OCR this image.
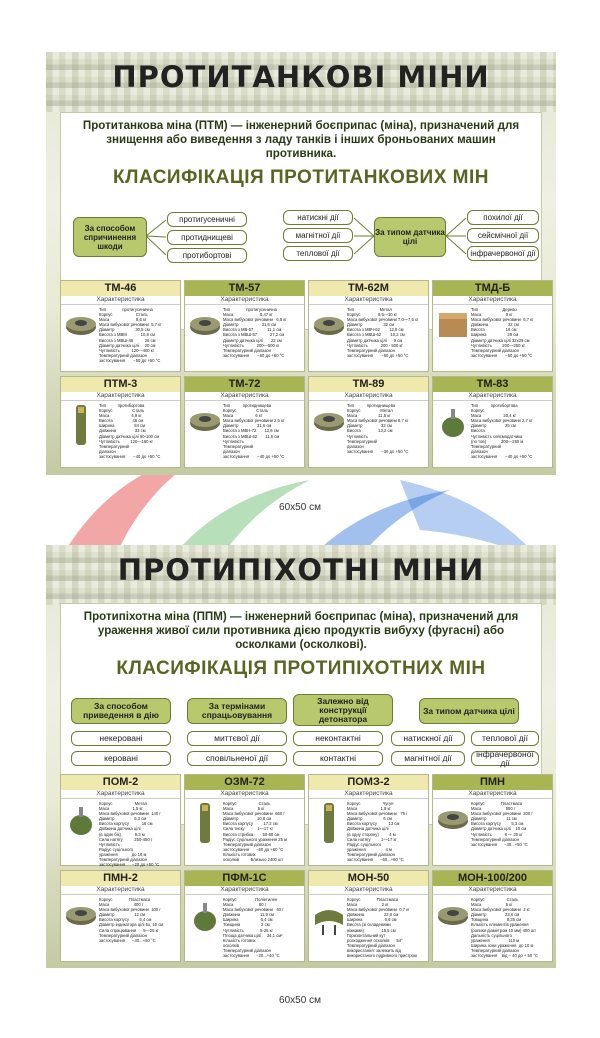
ПРОТИТАНКОВІ МІНИ
Протитанкова міна (ПТМ) — інженерний боєприпас (міна), призначений для знищення або виведення з ладу танків і інших броньованих машин противника.
КЛАСИФІКАЦІЯ ПРОТИТАНКОВИХ МІН
За способом спричинення шкоди
протигусеничні
протиднищеві
протибортові
натискні дії
магнітної дії
теплової дії
За типом датчика цілі
похилої дії
сейсмічної дії
інфрачервоної дії
ТМ-46
Характеристика
Тип              протигусеничнa
Корпус                    Сталь
Маса                       8,6 кг
Маса вибухової речовини  5,7 кг
Діаметр                  30,5 см
Висота з МВМ            10,8 см
Висота з МВШ-46          26 см
Діаметр датчика цілі     20 см
Чутливість          120—400 кг
Температурний діапазон
застосування       −50 до +50 °С
ТМ-57
Характеристика
Тип              протигусенична
Маса                       8,47 кг
Маса вибухової речовини   6,5 кг
Діаметр                    31,6 см
Висота з МВ-57            11,1 см
Висота з МВШ-57           27,2 см
Діаметр датчика цілі       22 см
Чутливість           200—500 кг
Температурний діапазон
застосування       −60 до +60 °С
ТМ-62М
Характеристика
Тип                      Метал
Корпус               9,5—10 кг
Маса вибухової речовини 7,0—7,5 кг
Діаметр                  32 см
Висота з МВЧ-62        12,8 см
Висота з МВШ-62        10,2 см
Діаметр датчика цілі      9 см
Чутливість           200 - 500 кг
Температурний діапазон
застосування       −50 до +50 °С
ТМД-Б
Характеристика
Тип                     Дерево
Маса                     9 кг
Маса вибухової речовини  6,7 кг
Довжина                 32 см
Висота                  16 см
Ширина                  29 см
Діаметр датчика цілі 32х29 см
Чутливість         200—250 кг
Температурний діапазон
застосування       −50 до +50 °С
ПТМ-3
Характеристика
Тип          протибортова
Корпус                 Сталь
Маса                   4,9 кг
Висота                 46 см
Ширина                 84 см
Довжина                33 см
Діаметр датчика цілі 50-100 см
Чутливість         120—160 кг
Температурний
діапазон
застосування       −40 до +50 °С
ТМ-72
Характеристика
Тип           протиднищева
Корпус                 Сталь
Маса                   6 кг
Маса вибухової речовини 2,5 кг
Діаметр                31,6 см
Висота з МВН-72       12,6 см
Висота з МВШ-62       11,5 см
Чутливість
Температурний
діапазон
застосування       −40 до +50 °С
ТМ-89
Характеристика
Тип           протиднищева
Корпус                 Метал
Маса                  11,5 кг
Маса вибухової речовини 6,7 кг
Діаметр                32 см
Висота               13,2 см
Чутливість
Температурний
діапазон
застосування       −30 до +50 °С
ТМ-83
Характеристика
Тип           протибортова
Корпус
Маса                   20,4 кг
Маса вибухової речовини 2,7 кг
Діаметр                25 см
Висота
Чутливість сейсмодатчика
(по тов)             200—250 м
Температурний
діапазон
застосування       −40 до +50 °С
60х50 см
ПРОТИПІХОТНІ МІНИ
Протипіхотна міна (ППМ) — інженерний боєприпас (міна), призначений для ураження живої сили противника дією продуктів вибуху (фугасні) або осколками (осколкові).
КЛАСИФІКАЦІЯ ПРОТИПІХОТНИХ МІН
За способом приведення в дію
За термінами спрацьовування
Залежно від конструкції детонатора
За типом датчика цілі
некеровані
керовані
миттєвої дії
сповільненої дії
неконтактні
контактні
натискної дії
магнітної дії
теплової дії
інфрачервоної дії
ПОМ-2
Характеристика
Корпус                   Метал
Маса                    1,5 кг
Маса вибухової речовини  140 г
Діаметр                 6,3 см
Висота корпусу           18 см
Довжина датчика цілі
(в один бік)            9,3 м
Сила натягу          250-450 г
Чутливість
Радіус суцільного
ураження            до 16 м
Температурний діапазон
застосування      −20 до +50 °С
ОЗМ-72
Характеристика
Корпус                   Сталь
Маса                     5 кг
Маса вибухової речовини  660 г
Діаметр                10,8 см
Висота корпусу         17,2 см
Сила тиску           1—17 кг
Висота стрибка        50-60 см
Радіус суцільного ураження 25 м
Температурний діапазон
застосування      −60 до +60 °С
Кількість готових
осколків          Близько 2400 шт
ПОМЗ-2
Характеристика
Корпус                   Чугун
Маса                    1,8 кг
Маса вибухової речовини   75 г
Діаметр                  6 см
Висота корпусу          13 см
Довжина датчика цілі
(в одну сторону)         4 м
Сила натягу         1—17 кг
Радіус суцільного
ураження                 4 м
Температурний діапазон
застосування      −60...+60 °С
ПМН
Характеристика
Корпус              Пластмаса
Маса                     550 г
Маса вибухової речовини  200 г
Діаметр                 11 см
Висота корпусу         5,3 см
Діаметр датчика цілі    10 см
Чутливість           8 — 20 кг
Температурний діапазон
застосування      −40...+50 °С
ПМН-2
Характеристика
Корпус              Пластмаса
Маса                     400 г
Маса вибухової речовини  100 г
Діаметр                 12 см
Висота корпусу         5,4 см
Діаметр індикатора цілі 6х, 10 см
Сила спрацювання      5—25 кг
Температурний діапазон
застосування      −40...+50 °С
ПФМ-1С
Характеристика
Корпус                Поліетилен
Маса                      80 г
Маса вибухової речовини   40 г
Довжина                 11,9 см
Ширина                   6,4 см
Товщина                  2 см
Чутливість              5-25 кг
Площа датчика цілі     34,1 см²
Кількість готових
осколків
Температурний діапазон
застосування      −20...+40 °С
МОН-50
Характеристика
Корпус              Пластмаса
Маса                     2 кг
Маса вибухової речовини  0,7 кг
Довжина                 22,6 см
Ширина                   6,6 см
Висота (зі складеними
ніжками)               15,5 см
Горизонтальний кут
розходження осколків      54°
Температурний діапазон
використання: залежить від
використаного підривного пристрою
МОН-100/200
Характеристика
Корпус                   Сталь
Маса                     5 кг
Маса вибухової речовини  2 кг
Діаметр                23,6 см
Товщина                8,25 см
Кількість елементів ураження
(ролики діаметром 10 мм) 400 шт
Дальність суцільного
ураження                110 м
Ширина зони ураження  до 10 м
Температурний діапазон
застосування    від − 40 до + 50 °С
60х50 см
